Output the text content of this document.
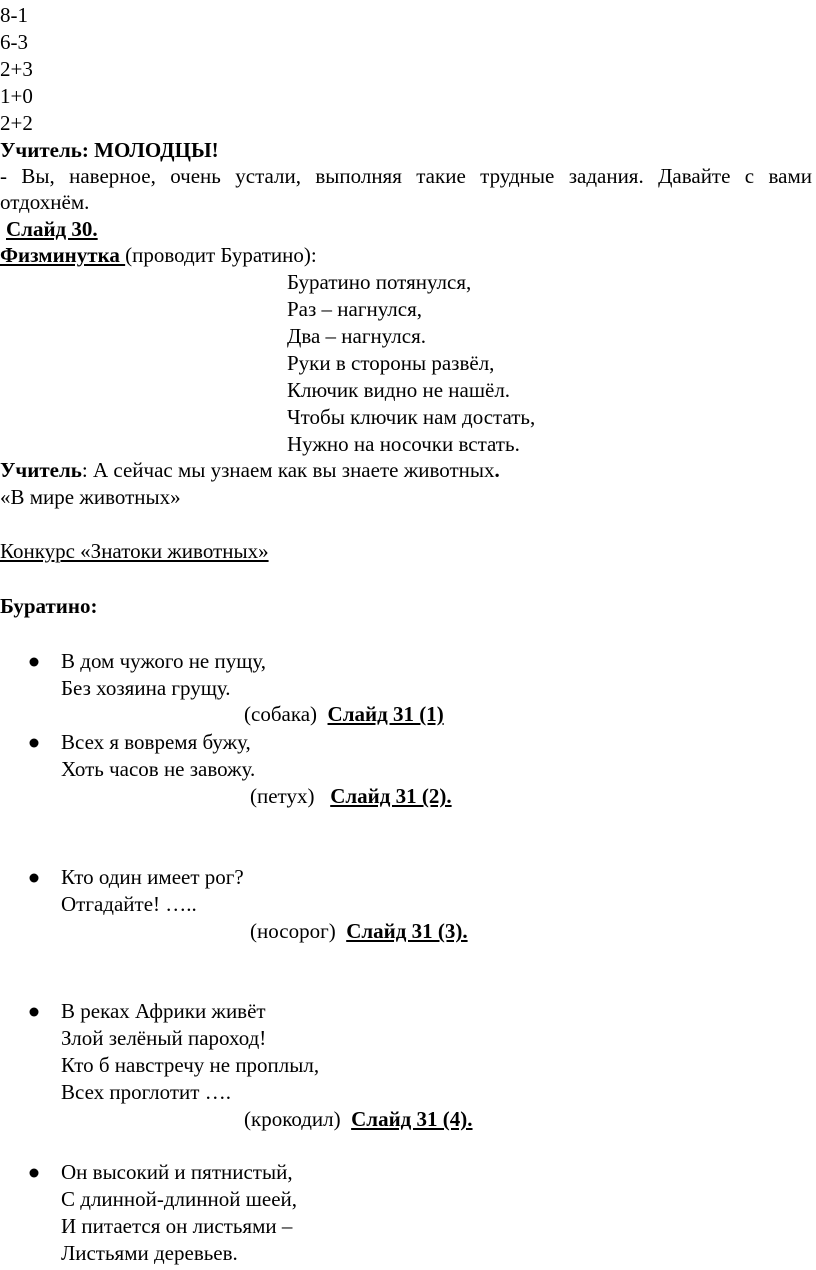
8-1
6-3
2+3
1+0
2+2
Учитель: МОЛОДЦЫ!
- Вы, наверное, очень устали, выполняя такие трудные задания. Давайте с вами
отдохнём.
Слайд 30.
Физминутка (проводит Буратино):
Буратино потянулся,
Раз – нагнулся,
Два – нагнулся.
Руки в стороны развёл,
Ключик видно не нашёл.
Чтобы ключик нам достать,
Нужно на носочки встать.
Учитель: А сейчас мы узнаем как вы знаете животных.
«В мире животных»
Конкурс «Знатоки животных»
Буратино:
В дом чужого не пущу,
Без хозяина грущу.
(собака) Слайд 31 (1)
Всех я вовремя бужу,
Хоть часов не завожу.
(петух) Слайд 31 (2).
Кто один имеет рог?
Отгадайте! …..
(носорог) Слайд 31 (3).
В реках Африки живёт
Злой зелёный пароход!
Кто б навстречу не проплыл,
Всех проглотит ….
(крокодил) Слайд 31 (4).
Он высокий и пятнистый,
С длинной-длинной шеей,
И питается он листьями –
Листьями деревьев.
